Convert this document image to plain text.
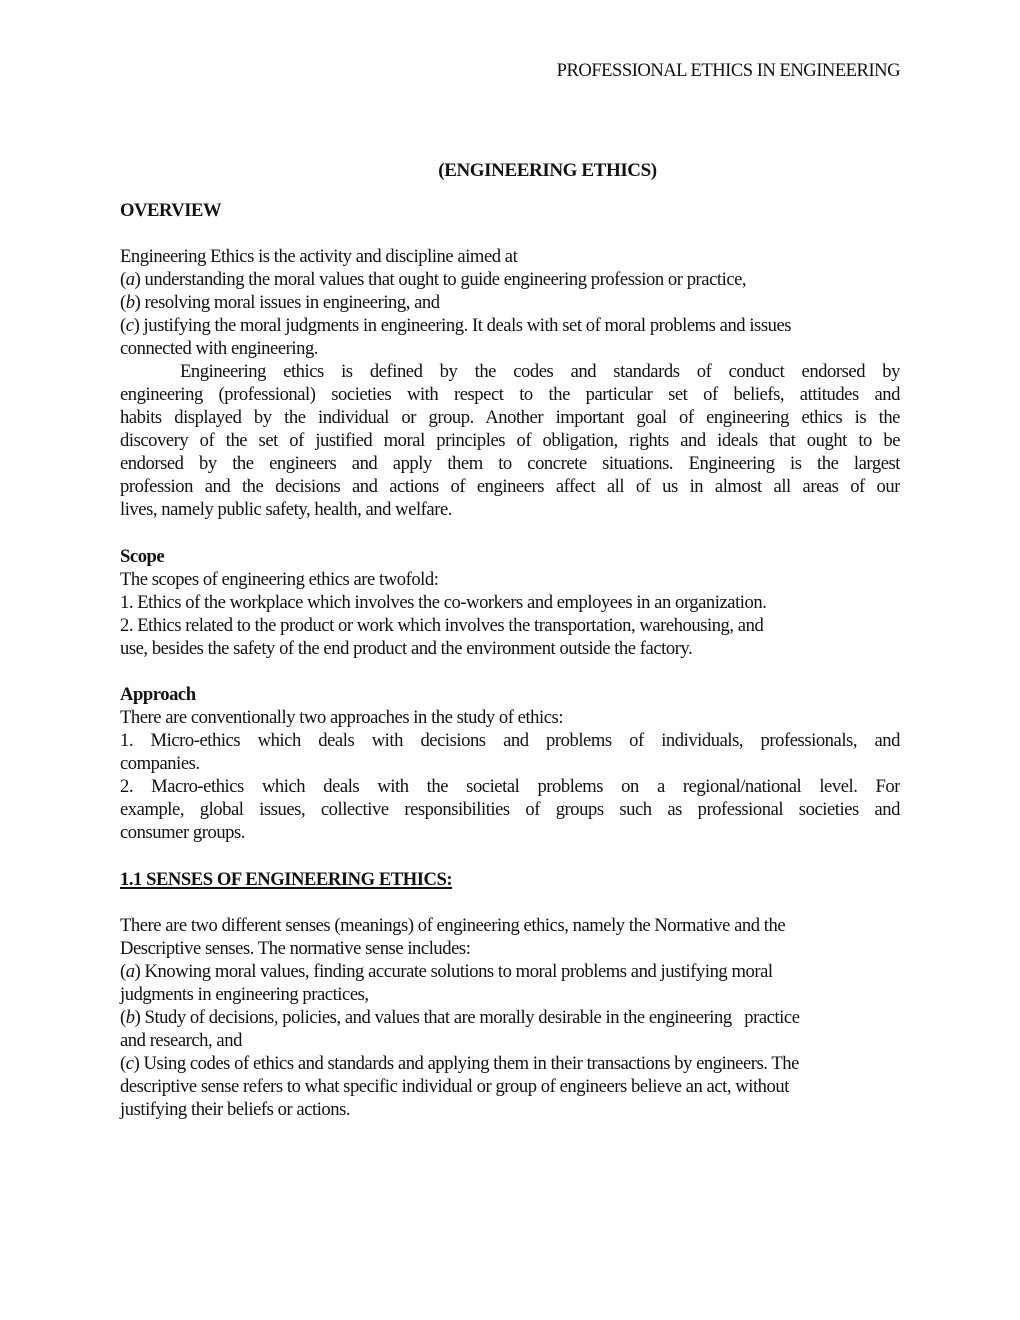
PROFESSIONAL ETHICS IN ENGINEERING
(ENGINEERING ETHICS)
OVERVIEW
Engineering Ethics is the activity and discipline aimed at
(a) understanding the moral values that ought to guide engineering profession or practice,
(b) resolving moral issues in engineering, and
(c) justifying the moral judgments in engineering. It deals with set of moral problems and issues
connected with engineering.
Engineering ethics is defined by the codes and standards of conduct endorsed by
engineering (professional) societies with respect to the particular set of beliefs, attitudes and
habits displayed by the individual or group. Another important goal of engineering ethics is the
discovery of the set of justified moral principles of obligation, rights and ideals that ought to be
endorsed by the engineers and apply them to concrete situations. Engineering is the largest
profession and the decisions and actions of engineers affect all of us in almost all areas of our
lives, namely public safety, health, and welfare.
Scope
The scopes of engineering ethics are twofold:
1. Ethics of the workplace which involves the co-workers and employees in an organization.
2. Ethics related to the product or work which involves the transportation, warehousing, and
use, besides the safety of the end product and the environment outside the factory.
Approach
There are conventionally two approaches in the study of ethics:
1. Micro-ethics which deals with decisions and problems of individuals, professionals, and
companies.
2. Macro-ethics which deals with the societal problems on a regional/national level. For
example, global issues, collective responsibilities of groups such as professional societies and
consumer groups.
1.1 SENSES OF ENGINEERING ETHICS:
There are two different senses (meanings) of engineering ethics, namely the Normative and the
Descriptive senses. The normative sense includes:
(a) Knowing moral values, finding accurate solutions to moral problems and justifying moral
judgments in engineering practices,
(b) Study of decisions, policies, and values that are morally desirable in the engineering   practice
and research, and
(c) Using codes of ethics and standards and applying them in their transactions by engineers. The
descriptive sense refers to what specific individual or group of engineers believe an act, without
justifying their beliefs or actions.
